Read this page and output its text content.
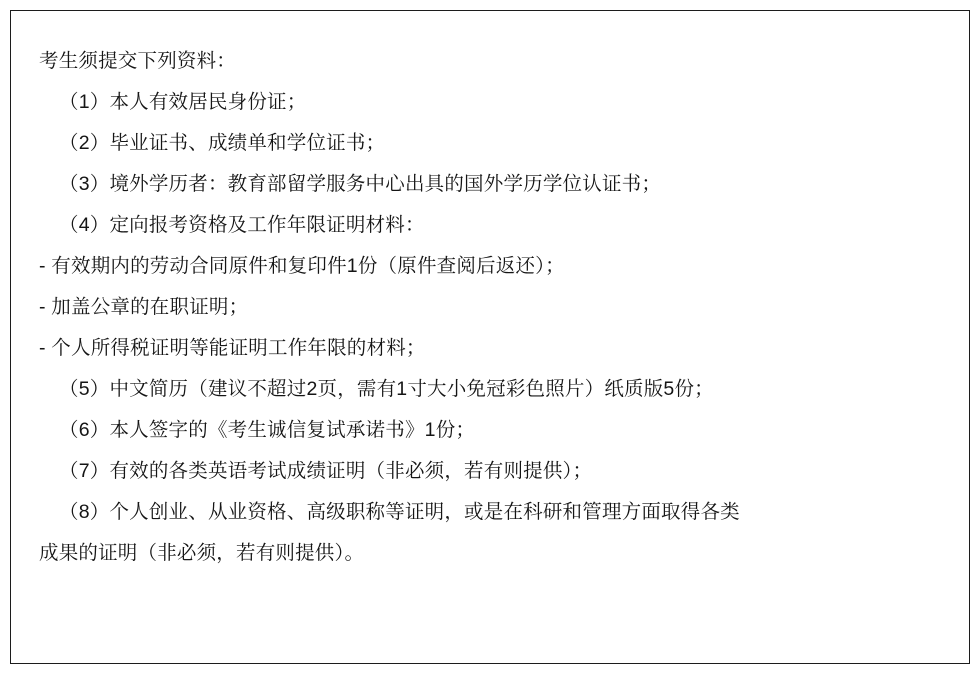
考生须提交下列资料：
（1）本人有效居民身份证；
（2）毕业证书、成绩单和学位证书；
（3）境外学历者：教育部留学服务中心出具的国外学历学位认证书；
（4）定向报考资格及工作年限证明材料：
- 有效期内的劳动合同原件和复印件1份（原件查阅后返还）；
- 加盖公章的在职证明；
- 个人所得税证明等能证明工作年限的材料；
（5）中文简历（建议不超过2页，需有1寸大小免冠彩色照片）纸质版5份；
（6）本人签字的《考生诚信复试承诺书》1份；
（7）有效的各类英语考试成绩证明（非必须，若有则提供）；
（8）个人创业、从业资格、高级职称等证明，或是在科研和管理方面取得各类
成果的证明（非必须，若有则提供）。
